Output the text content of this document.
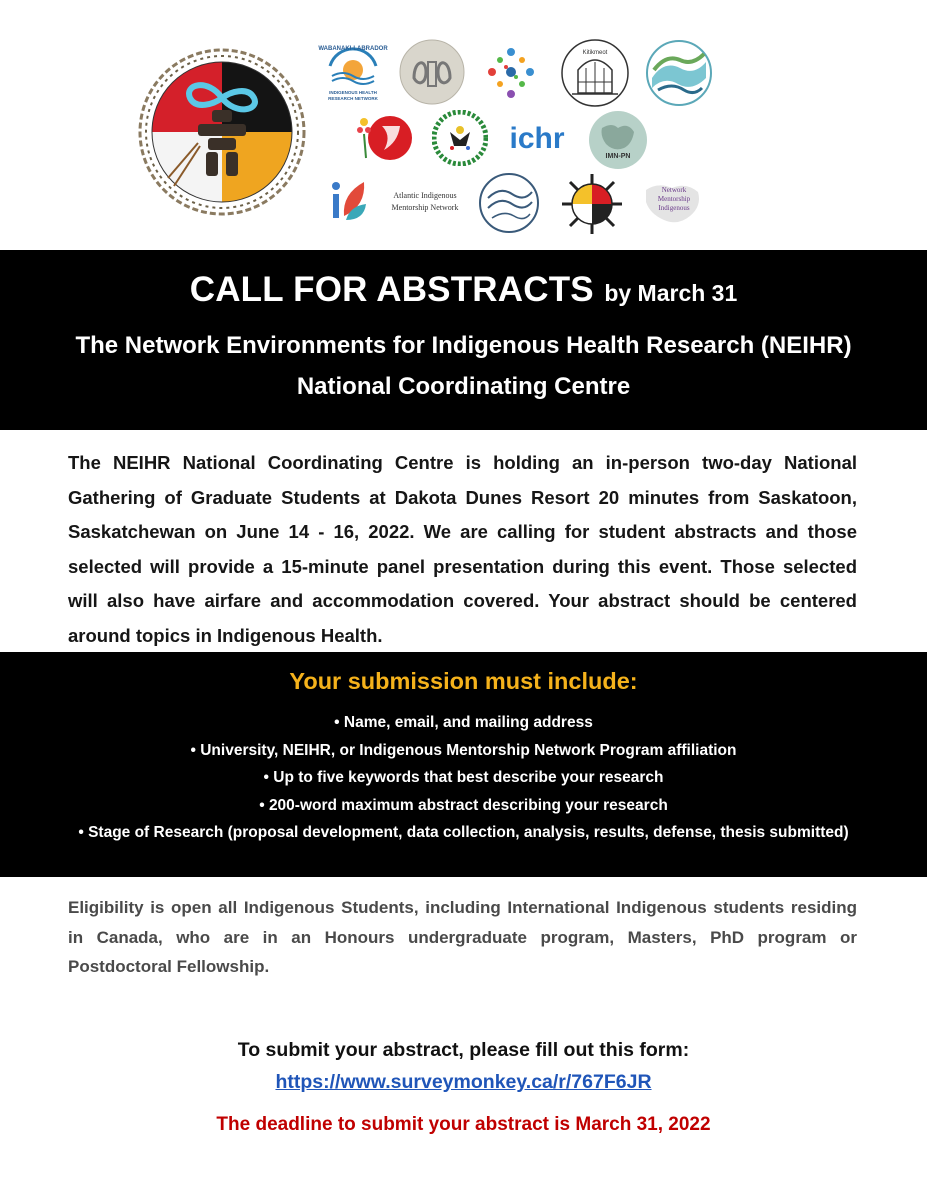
WABANAKI-LABRADOR
INDIGENOUS HEALTH
RESEARCH NETWORK
Kitikmeot
ichr
IMN-PN
Atlantic Indigenous
Mentorship Network
Network
Mentorship
Indigenous
CALL FOR ABSTRACTS by March 31
The Network Environments for Indigenous Health Research (NEIHR)
National Coordinating Centre

The NEIHR National Coordinating Centre is holding an in-person two-day National Gathering of Graduate Students at Dakota Dunes Resort 20 minutes from Saskatoon, Saskatchewan on June 14 - 16, 2022. We are calling for student abstracts and those selected will provide a 15-minute panel presentation during this event. Those selected will also have airfare and accommodation covered. Your abstract should be centered around topics in Indigenous Health.

Your submission must include:
• Name, email, and mailing address
• University, NEIHR, or Indigenous Mentorship Network Program affiliation
• Up to five keywords that best describe your research
• 200-word maximum abstract describing your research
• Stage of Research (proposal development, data collection, analysis, results, defense, thesis submitted)

Eligibility is open all Indigenous Students, including International Indigenous students residing in Canada, who are in an Honours undergraduate program, Masters, PhD program or Postdoctoral Fellowship.

To submit your abstract, please fill out this form:
https://www.surveymonkey.ca/r/767F6JR
The deadline to submit your abstract is March 31, 2022
